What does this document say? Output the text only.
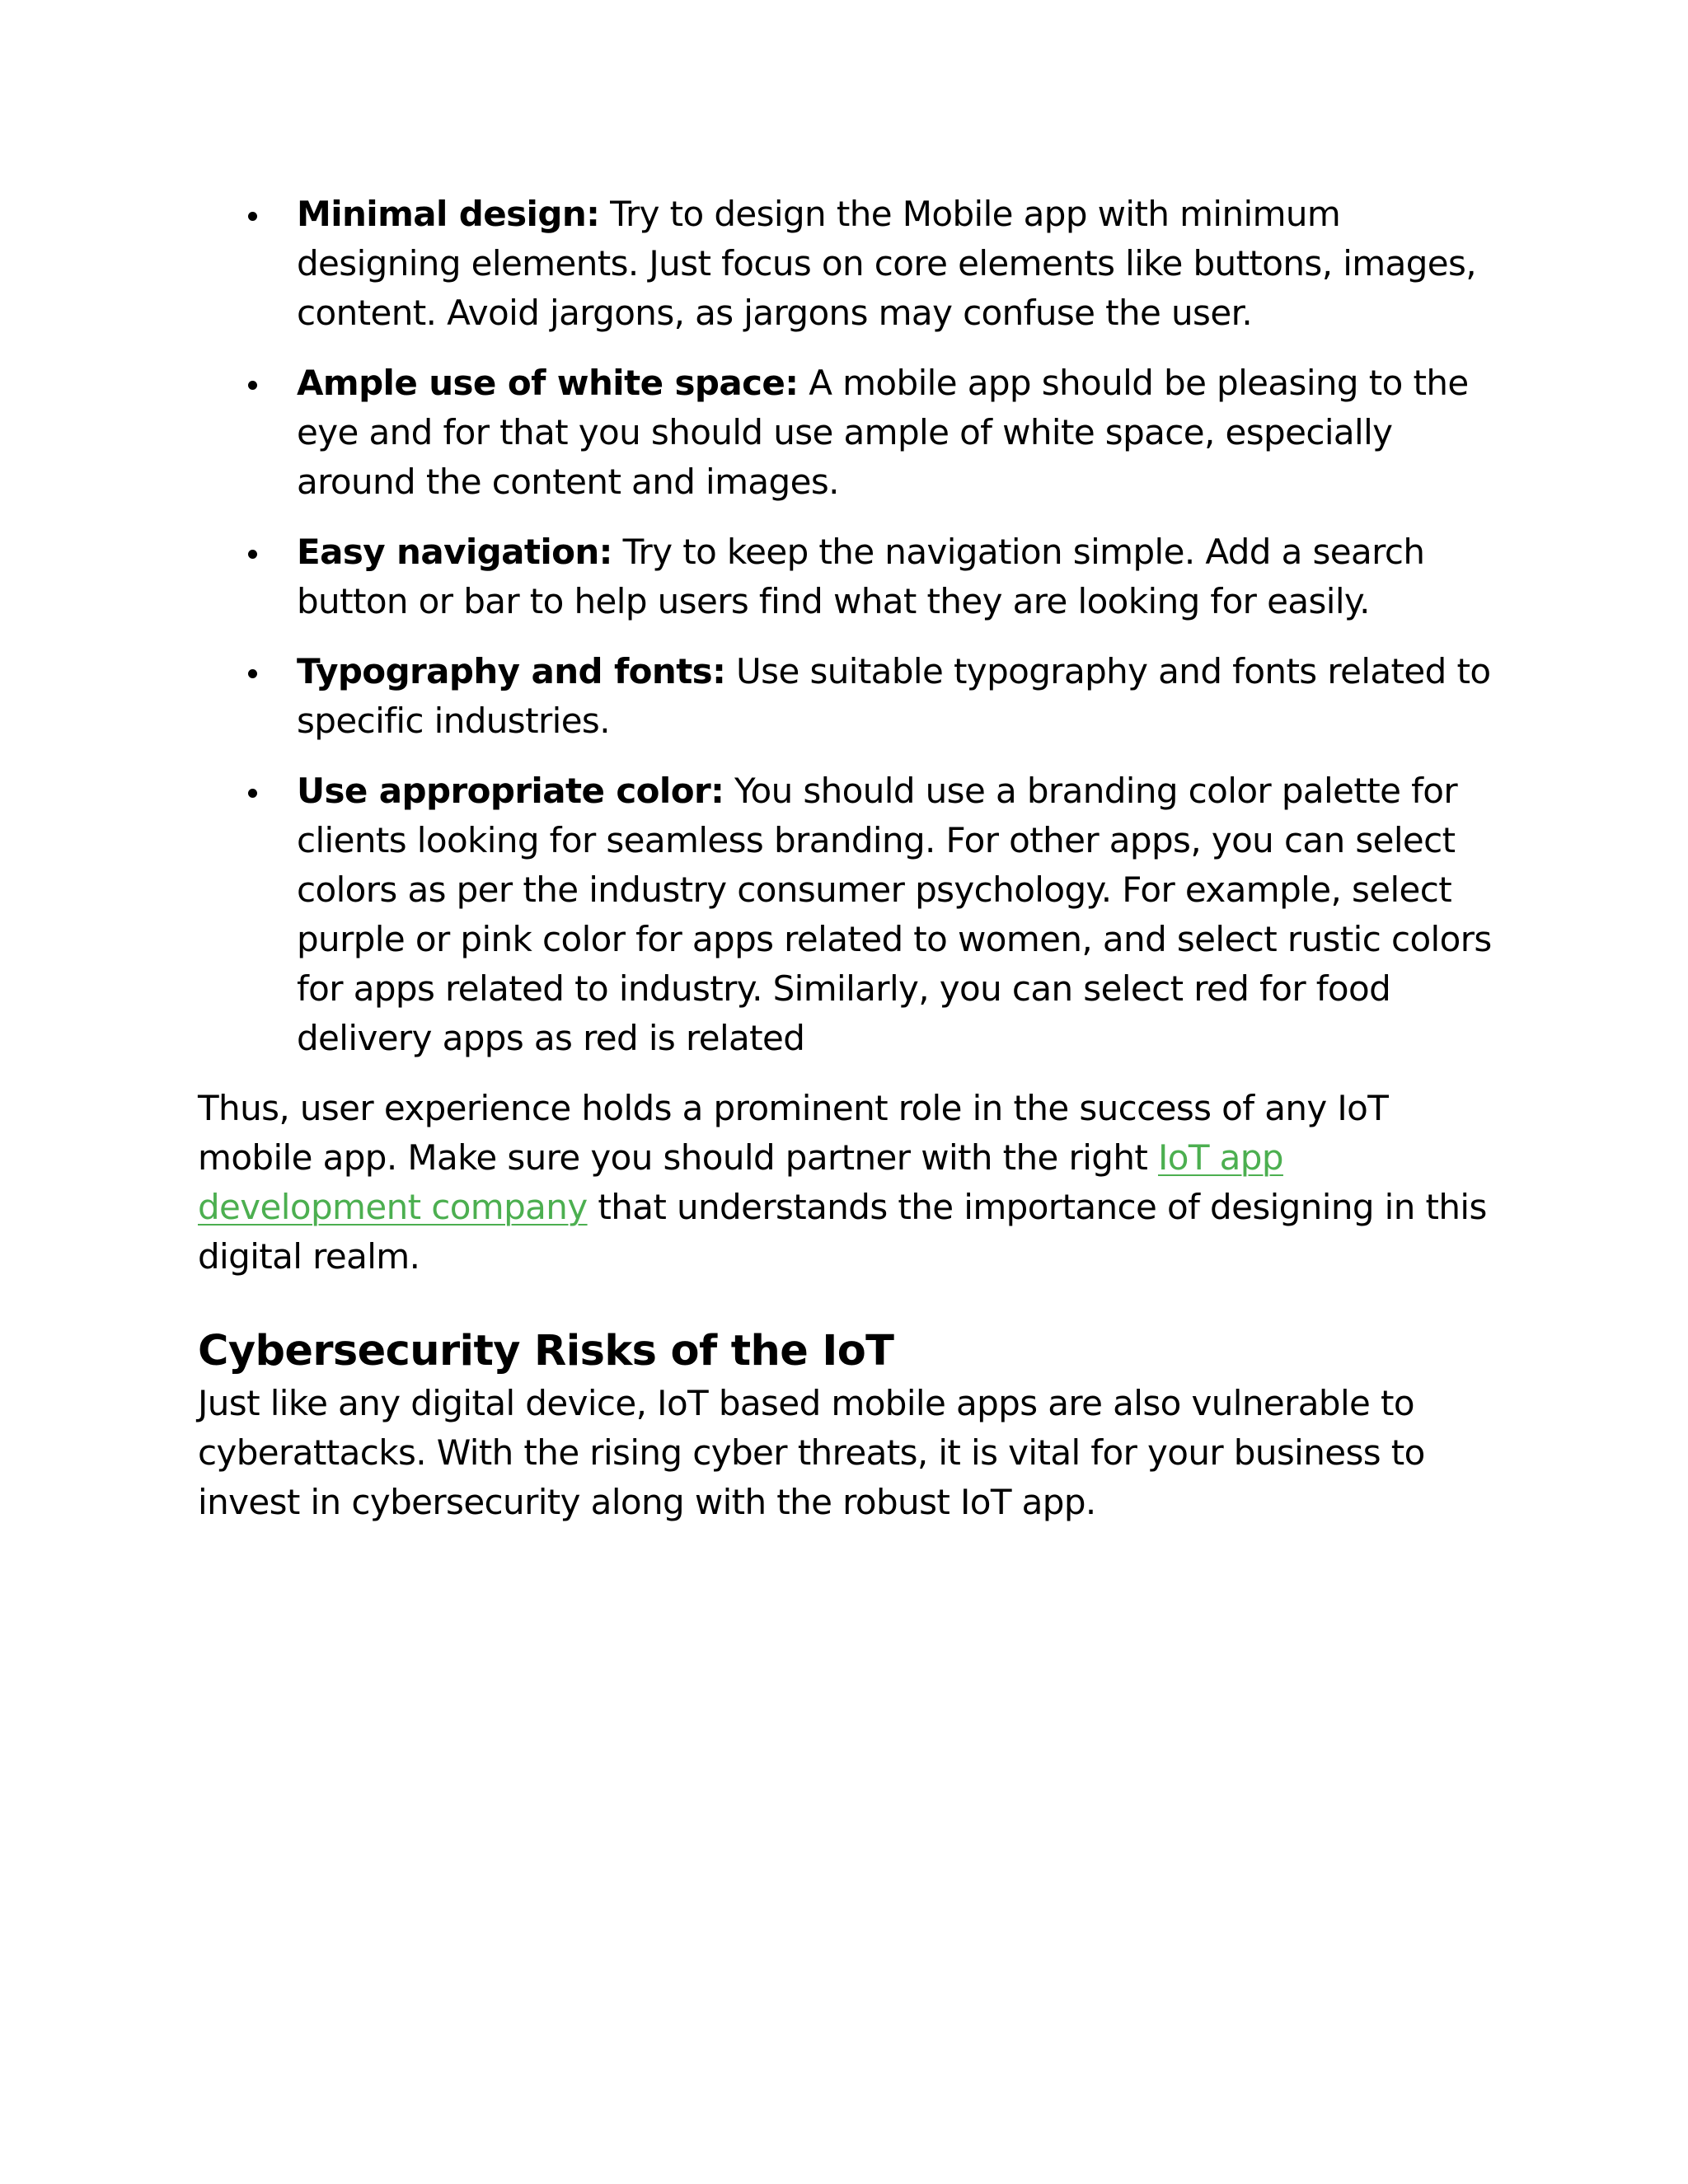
Minimal design: Try to design the Mobile app with minimum designing elements. Just focus on core elements like buttons, images, content. Avoid jargons, as jargons may confuse the user.
Ample use of white space: A mobile app should be pleasing to the eye and for that you should use ample of white space, especially around the content and images.
Easy navigation: Try to keep the navigation simple. Add a search button or bar to help users find what they are looking for easily.
Typography and fonts: Use suitable typography and fonts related to specific industries.
Use appropriate color: You should use a branding color palette for clients looking for seamless branding. For other apps, you can select colors as per the industry consumer psychology. For example, select purple or pink color for apps related to women, and select rustic colors for apps related to industry. Similarly, you can select red for food delivery apps as red is related

Thus, user experience holds a prominent role in the success of any IoT mobile app. Make sure you should partner with the right IoT app development company that understands the importance of designing in this digital realm.

Cybersecurity Risks of the IoT

Just like any digital device, IoT based mobile apps are also vulnerable to cyberattacks. With the rising cyber threats, it is vital for your business to invest in cybersecurity along with the robust IoT app.
